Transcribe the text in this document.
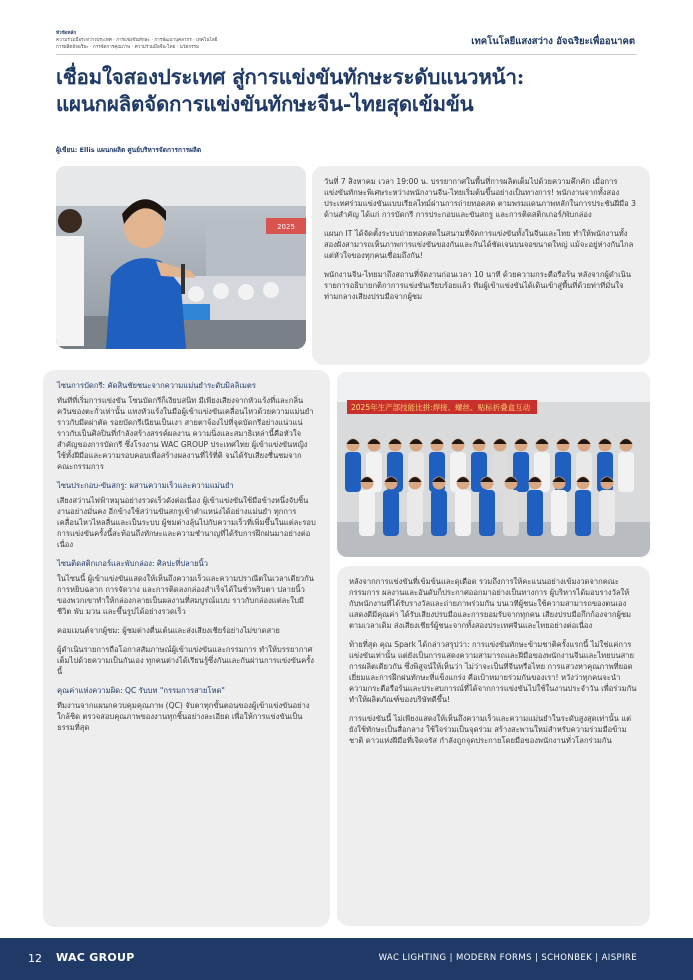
หัวข้อหลัก
ความร่วมมือระหว่างประเทศ · การแข่งขันทักษะ · การพัฒนาบุคลากร · เทคโนโลยี
การผลิตอัจฉริยะ · การจัดการคุณภาพ · ความร่วมมือจีน-ไทย · นวัตกรรม
เทคโนโลยีแสงสว่าง อัจฉริยะเพื่ออนาคต
เชื่อมใจสองประเทศ สู่การแข่งขันทักษะระดับแนวหน้า:
แผนกผลิตจัดการแข่งขันทักษะจีน-ไทยสุดเข้มข้น
ผู้เขียน: Ellis แผนกผลิต ศูนย์บริหารจัดการการผลิต
2025

วันที่ 7 สิงหาคม เวลา 19:00 น. บรรยากาศในพื้นที่การผลิตเต็มไปด้วยความคึกคัก เมื่อการแข่งขันทักษะพิเศษระหว่างพนักงานจีน-ไทยเริ่มต้นขึ้นอย่างเป็นทางการ! พนักงานจากทั้งสองประเทศร่วมแข่งขันแบบเรียลไทม์ผ่านการถ่ายทอดสด ตามพรมแดนภาพหลักในการประชันฝีมือ 3 ด้านสำคัญ ได้แก่ การบัดกรี การประกอบและขันสกรู และการติดสติกเกอร์/พับกล่อง

แผนก IT ได้จัดตั้งระบบถ่ายทอดสดในสนามที่จัดการแข่งขันทั้งในจีนและไทย ทำให้พนักงานทั้งสองฝั่งสามารถเห็นภาพการแข่งขันของกันและกันได้ชัดเจนบนจอขนาดใหญ่ แม้จะอยู่ห่างกันไกล แต่หัวใจของทุกคนเชื่อมถึงกัน!

พนักงานจีน-ไทยมาถึงสถานที่จัดงานก่อนเวลา 10 นาที ด้วยความกระตือรือร้น หลังจากผู้ดำเนินรายการอธิบายกติกาการแข่งขันเรียบร้อยแล้ว ทีมผู้เข้าแข่งขันได้เดินเข้าสู่พื้นที่ด้วยท่าทีมั่นใจ ท่ามกลางเสียงปรบมือจากผู้ชม

ไซนการบัดกรี: คัดสินชัยชนะจากความแม่นยำระดับมิลลิเมตร

ทันทีที่เริ่มการแข่งขัน โซนบัดกรีก็เงียบสนิท มีเพียงเสียงจากหัวแร้งที่และกลิ่นควันของตะกั่วเท่านั้น แทงหัวแร้งในมือผู้เข้าแข่งขันเคลื่อนไหวด้วยความแม่นยำราวกับมีดผ่าตัด รอยบัดกรีเนียนเป็นเงา สายตาจ้องไปที่จุดบัดกรีอย่างแน่วแน่ ราวกับเป็นศิลปินที่กำลังสร้างสรรค์ผลงาน ความนิ่งและสมาธิเหล่านี้คือหัวใจสำคัญของการบัดกรี ซึ่งโรงงาน WAC GROUP ประเทศไทย ผู้เข้าแข่งขันหญิงใช้ทั้งฝีมือและความรอบคอบเพื่อสร้างผลงานที่ไร้ที่ติ จนได้รับเสียงชื่นชมจากคณะกรรมการ

ไซนประกอบ-ขันสกรู: ผสานความเร็วและความแม่นยำ

เสียงสว่านไฟฟ้าหมุนอย่างรวดเร็วดังต่อเนื่อง ผู้เข้าแข่งขันใช้มือข้างหนึ่งจับชิ้นงานอย่างมั่นคง อีกข้างใช้สว่านขันสกรูเข้าตำแหน่งได้อย่างแม่นยำ ทุกการเคลื่อนไหวไหลลื่นและเป็นระบบ ผู้ชมต่างลุ้นไปกับความเร็วที่เพิ่มขึ้นในแต่ละรอบ การแข่งขันครั้งนี้สะท้อนถึงทักษะและความชำนาญที่ได้รับการฝึกฝนมาอย่างต่อเนื่อง

ไซนติดสติกเกอร์และพับกล่อง: ศิลปะที่ปลายนิ้ว

ในไซนนี้ ผู้เข้าแข่งขันแสดงให้เห็นถึงความเร็วและความปราณีตในเวลาเดียวกัน การหยิบฉลาก การจัดวาง และการติดลงกล่องสำเร็จได้ในชั่วพริบตา ปลายนิ้วของพวกเขาทำให้กล่องกลายเป็นผลงานที่สมบูรณ์แบบ ราวกับกล่องแต่ละใบมีชีวิต พับ มวน และขึ้นรูปได้อย่างรวดเร็ว

คอมเมนต์จากผู้ชม: ผู้ชมต่างตื่นเต้นและส่งเสียงเชียร์อย่างไม่ขาดสาย

ผู้ดำเนินรายการถือโอกาสสัมภาษณ์ผู้เข้าแข่งขันและกรรมการ ทำให้บรรยากาศเต็มไปด้วยความเป็นกันเอง ทุกคนต่างได้เรียนรู้ซึ่งกันและกันผ่านการแข่งขันครั้งนี้

คุณค่าแห่งความผิด: QC รับบท "กรรมการสายโหด"

ทีมงานจากแผนกควบคุมคุณภาพ (QC) จับตาทุกขั้นตอนของผู้เข้าแข่งขันอย่างใกล้ชิด ตรวจสอบคุณภาพของงานทุกชิ้นอย่างละเอียด เพื่อให้การแข่งขันเป็นธรรมที่สุด

2025年生产部技能比拼:焊接、螺丝、贴标折叠盒互动

หลังจากการแข่งขันที่เข้มข้นและดุเดือด รวมถึงการให้คะแนนอย่างเข้มงวดจากคณะกรรมการ ผลงานและอันดับก็ประกาศออกมาอย่างเป็นทางการ ผู้บริหารได้มอบรางวัลให้กับพนักงานที่ได้รับรางวัลและถ่ายภาพร่วมกัน บนเวทีผู้ชนะใช้ความสามารถของตนเองแสดงดีมีคุณค่า ได้รับเสียงปรบมือและการยอมรับจากทุกคน เสียงปรบมือกึกก้องจากผู้ชมตามเวลาเดิม ส่งเสียงเชียร์ผู้ชนะจากทั้งสองประเทศจีนและไทยอย่างต่อเนื่อง

ท้ายที่สุด คุณ Spark ได้กล่าวสรุปว่า: การแข่งขันทักษะข้ามชาติครั้งแรกนี้ ไม่ใช่แค่การแข่งขันเท่านั้น แต่ยังเป็นการแสดงความสามารถและฝีมือของพนักงานจีนและไทยบนสายการผลิตเดียวกัน ซึ่งพิสูจน์ให้เห็นว่า ไม่ว่าจะเป็นที่จีนหรือไทย การแสวงหาคุณภาพที่ยอดเยี่ยมและการฝึกฝนทักษะที่แข็งแกร่ง คือเป้าหมายร่วมกันของเรา! หวังว่าทุกคนจะนำความกระตือรือร้นและประสบการณ์ที่ได้จากการแข่งขันไปใช้ในงานประจำวัน เพื่อร่วมกันทำให้ผลิตภัณฑ์ของบริษัทดีขึ้น!

การแข่งขันนี้ ไม่เพียงแสดงให้เห็นถึงความเร็วและความแม่นยำในระดับสูงสุดเท่านั้น แต่ยังใช้ทักษะเป็นสื่อกลาง ใช้ใจร่วมเป็นจุดร่วม สร้างสะพานใหม่สำหรับความร่วมมือข้ามชาติ ดาวแห่งฝีมือที่เจิดจรัส กำลังถูกจุดประกายโดยมือของพนักงานทั่วโลกร่วมกัน

12 WAC GROUP	WAC LIGHTING | MODERN FORMS | SCHONBEK | AISPIRE
